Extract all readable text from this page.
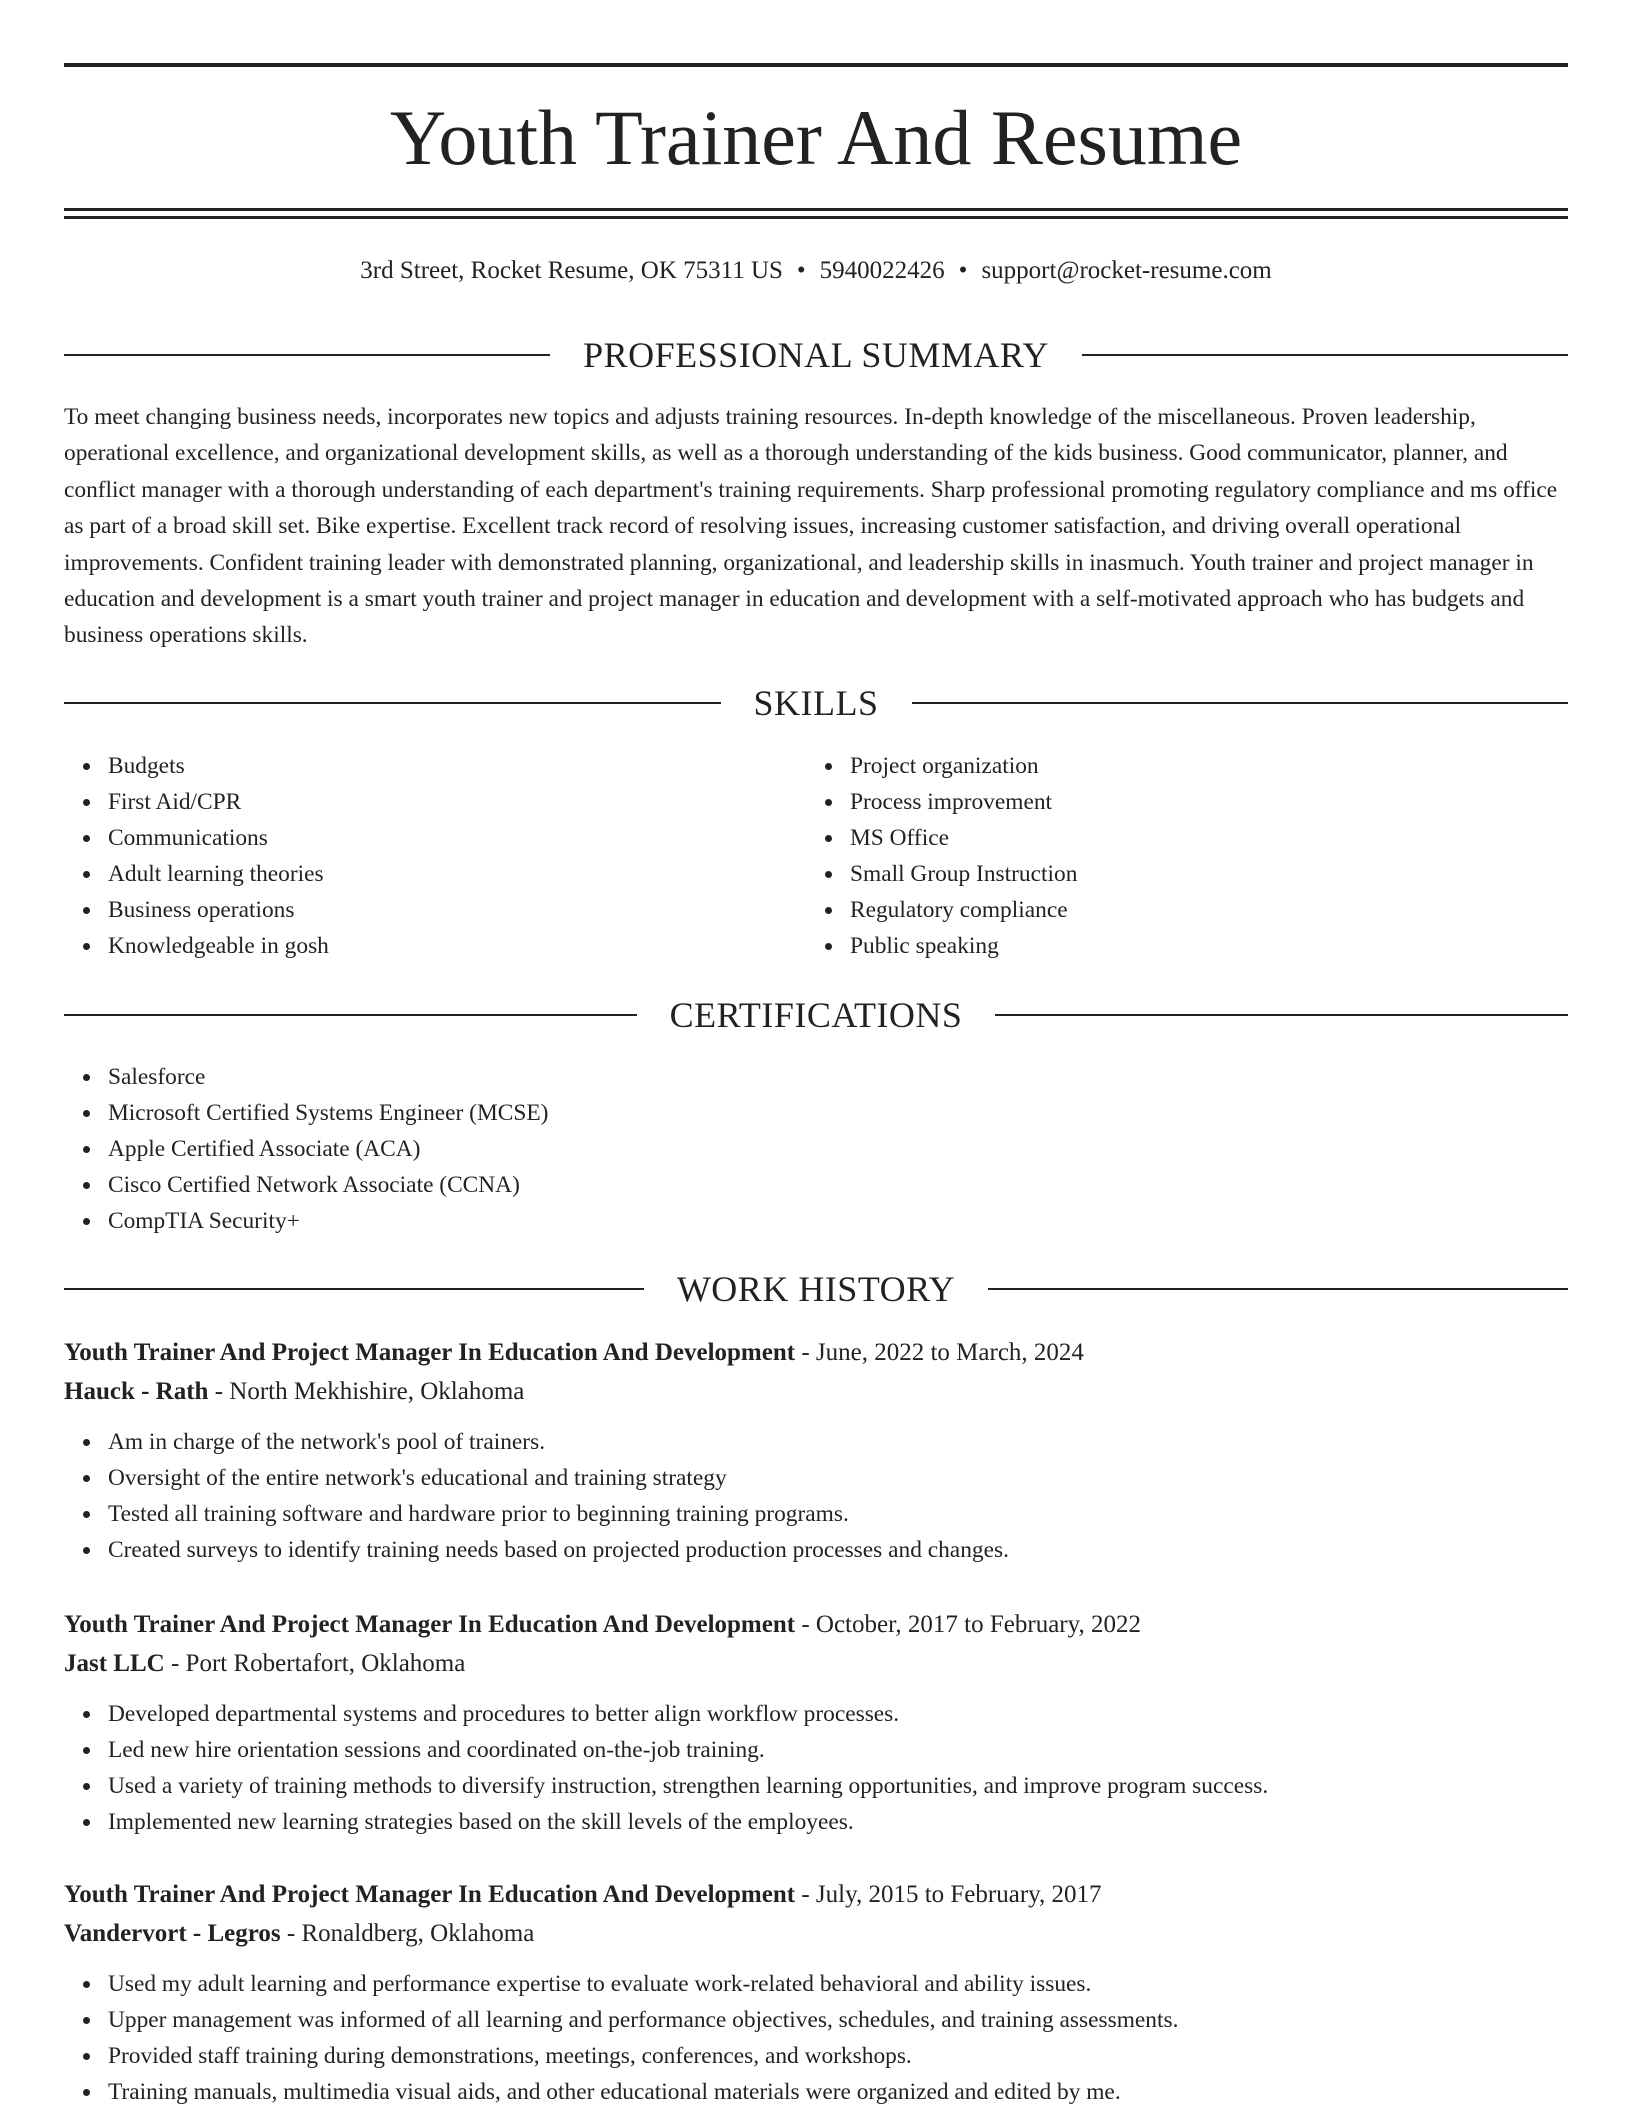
Youth Trainer And Resume
3rd Street, Rocket Resume, OK 75311 US • 5940022426 • support@rocket-resume.com
PROFESSIONAL SUMMARY

To meet changing business needs, incorporates new topics and adjusts training resources. In-depth knowledge of the miscellaneous. Proven leadership, operational excellence, and organizational development skills, as well as a thorough understanding of the kids business. Good communicator, planner, and conflict manager with a thorough understanding of each department's training requirements. Sharp professional promoting regulatory compliance and ms office as part of a broad skill set. Bike expertise. Excellent track record of resolving issues, increasing customer satisfaction, and driving overall operational improvements. Confident training leader with demonstrated planning, organizational, and leadership skills in inasmuch. Youth trainer and project manager in education and development is a smart youth trainer and project manager in education and development with a self-motivated approach who has budgets and business operations skills.

SKILLS
Budgets
First Aid/CPR
Communications
Adult learning theories
Business operations
Knowledgeable in gosh
Project organization
Process improvement
MS Office
Small Group Instruction
Regulatory compliance
Public speaking
CERTIFICATIONS
Salesforce
Microsoft Certified Systems Engineer (MCSE)
Apple Certified Associate (ACA)
Cisco Certified Network Associate (CCNA)
CompTIA Security+
WORK HISTORY
Youth Trainer And Project Manager In Education And Development - June, 2022 to March, 2024
Hauck - Rath - North Mekhishire, Oklahoma
Am in charge of the network's pool of trainers.
Oversight of the entire network's educational and training strategy
Tested all training software and hardware prior to beginning training programs.
Created surveys to identify training needs based on projected production processes and changes.
Youth Trainer And Project Manager In Education And Development - October, 2017 to February, 2022
Jast LLC - Port Robertafort, Oklahoma
Developed departmental systems and procedures to better align workflow processes.
Led new hire orientation sessions and coordinated on-the-job training.
Used a variety of training methods to diversify instruction, strengthen learning opportunities, and improve program success.
Implemented new learning strategies based on the skill levels of the employees.
Youth Trainer And Project Manager In Education And Development - July, 2015 to February, 2017
Vandervort - Legros - Ronaldberg, Oklahoma
Used my adult learning and performance expertise to evaluate work-related behavioral and ability issues.
Upper management was informed of all learning and performance objectives, schedules, and training assessments.
Provided staff training during demonstrations, meetings, conferences, and workshops.
Training manuals, multimedia visual aids, and other educational materials were organized and edited by me.
